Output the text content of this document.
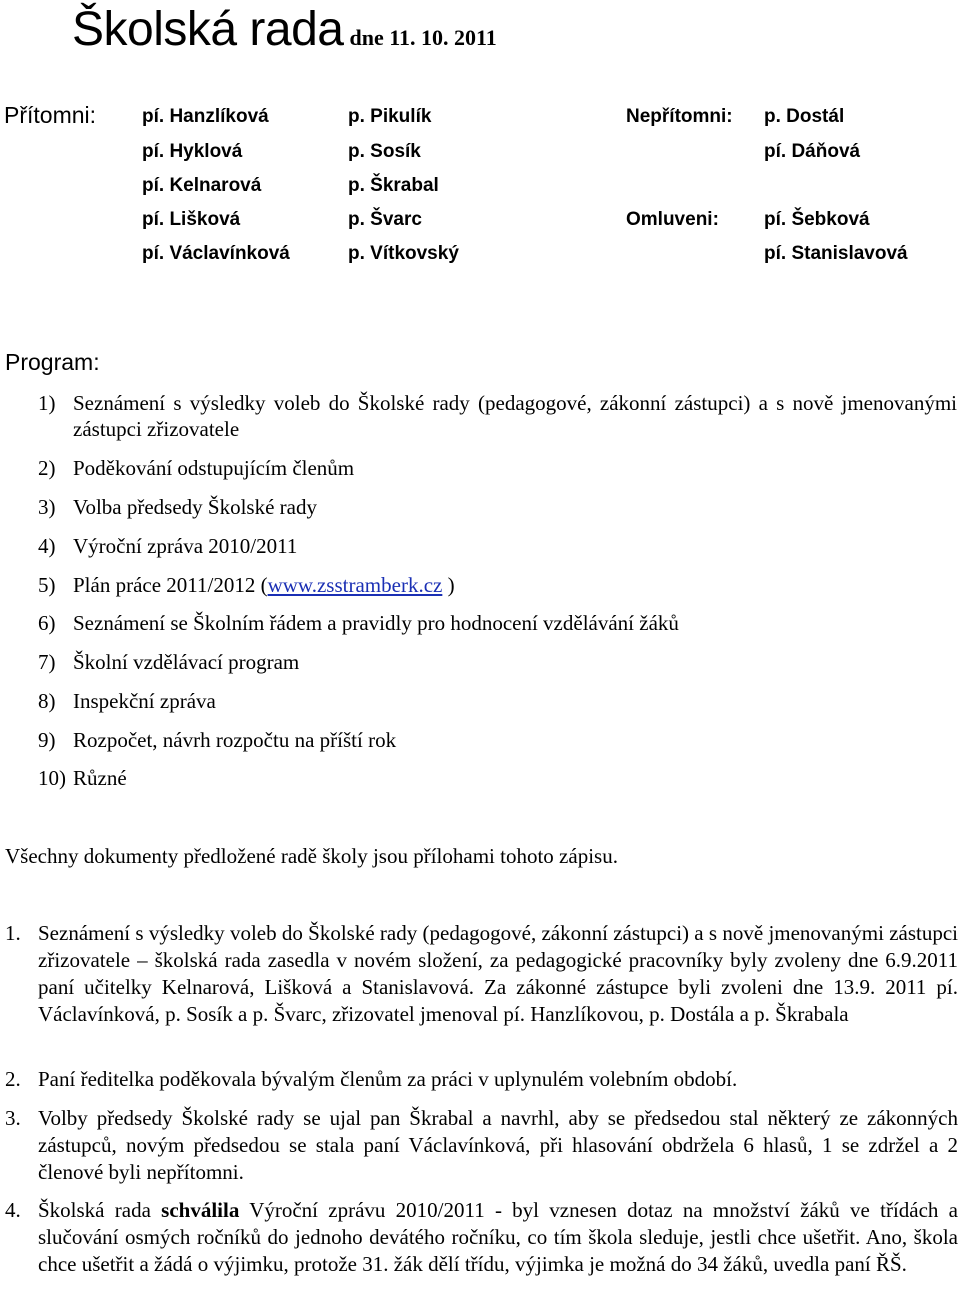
Školská rada dne 11. 10. 2011
Přítomni: pí. Hanzlíková
pí. Hyklová
pí. Kelnarová
pí. Lišková
pí. Václavínková
p. Pikulík
p. Sosík
p. Škrabal
p. Švarc
p. Vítkovský
Nepřítomni: p. Dostál
pí. Dáňová
Omluveni: pí. Šebková
pí. Stanislavová
Program:
1) Seznámení s výsledky voleb do Školské rady (pedagogové, zákonní zástupci) a s nově jmenovanými zástupci zřizovatele
2) Poděkování odstupujícím členům
3) Volba předsedy Školské rady
4) Výroční zpráva 2010/2011
5) Plán práce 2011/2012 (www.zsstramberk.cz )
6) Seznámení se Školním řádem a pravidly pro hodnocení vzdělávání žáků
7) Školní vzdělávací program
8) Inspekční zpráva
9) Rozpočet, návrh rozpočtu na příští rok
10) Různé
Všechny dokumenty předložené radě školy jsou přílohami tohoto zápisu.
1. Seznámení s výsledky voleb do Školské rady (pedagogové, zákonní zástupci) a s nově jmenovanými zástupci zřizovatele – školská rada zasedla v novém složení, za pedagogické pracovníky byly zvoleny dne 6.9.2011 paní učitelky Kelnarová, Lišková a Stanislavová. Za zákonné zástupce byli zvoleni dne 13.9. 2011 pí. Václavínková, p. Sosík a p. Švarc, zřizovatel jmenoval pí. Hanzlíkovou, p. Dostála a p. Škrabala
2. Paní ředitelka poděkovala bývalým členům za práci v uplynulém volebním období.
3. Volby předsedy Školské rady se ujal pan Škrabal a navrhl, aby se předsedou stal některý ze zákonných zástupců, novým předsedou se stala paní Václavínková, při hlasování obdržela 6 hlasů, 1 se zdržel a 2 členové byli nepřítomni.
4. Školská rada schválila Výroční zprávu 2010/2011 - byl vznesen dotaz na množství žáků ve třídách a slučování osmých ročníků do jednoho devátého ročníku, co tím škola sleduje, jestli chce ušetřit. Ano, škola chce ušetřit a žádá o výjimku, protože 31. žák dělí třídu, výjimka je možná do 34 žáků, uvedla paní ŘŠ.
